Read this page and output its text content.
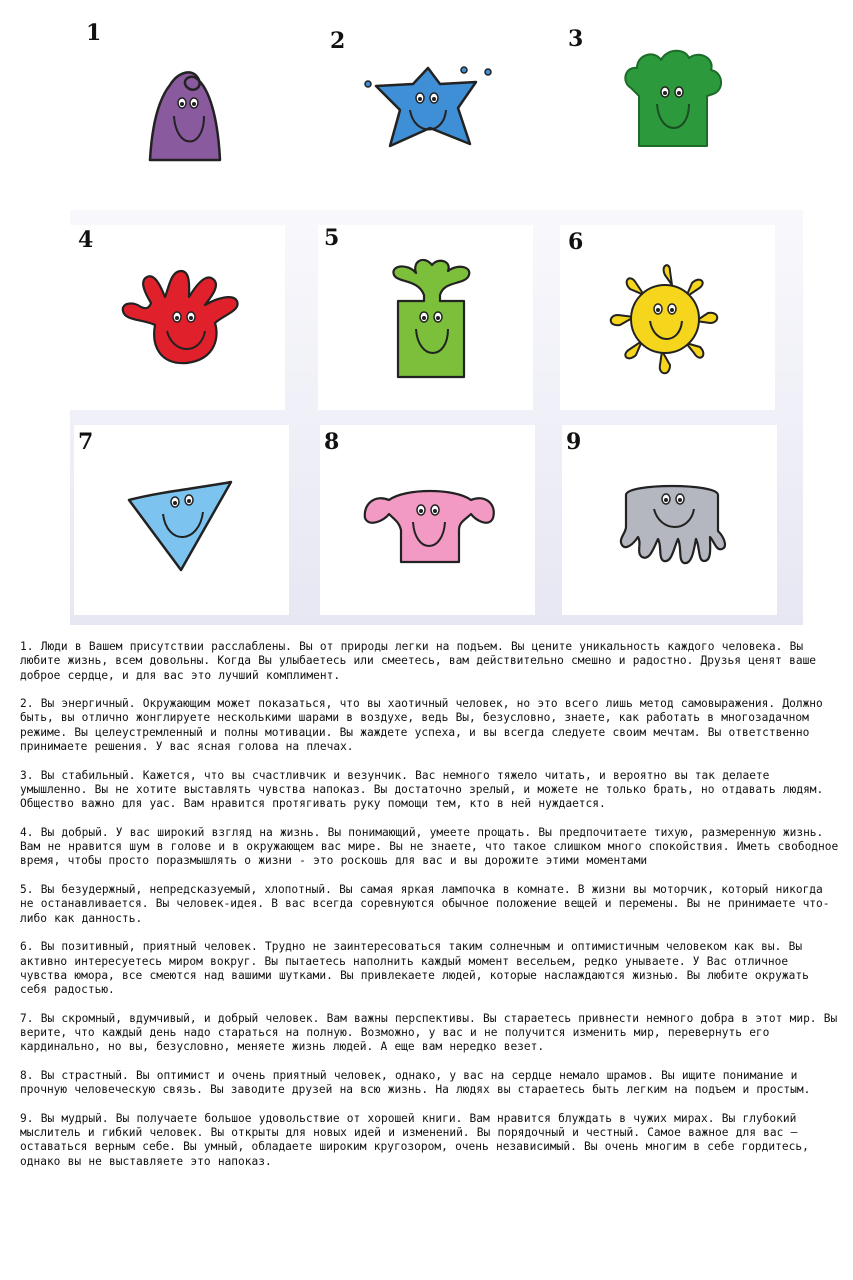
1	2	3
4	5	6
7	8	9

1. Люди в Вашем присутствии расслаблены. Вы от природы легки на подъем. Вы цените уникальность каждого человека. Вы любите жизнь, всем довольны. Когда Вы улыбаетесь или смеетесь, вам действительно смешно и радостно. Друзья ценят ваше доброе сердце, и для вас это лучший комплимент.

2. Вы энергичный. Окружающим может показаться, что вы хаотичный человек, но это всего лишь метод самовыражения. Должно быть, вы отлично жонглируете несколькими шарами в воздухе, ведь Вы, безусловно, знаете, как работать в многозадачном режиме. Вы целеустремленный и полны мотивации. Вы жаждете успеха, и вы всегда следуете своим мечтам. Вы ответственно принимаете решения. У вас ясная голова на плечах.

3. Вы стабильный. Кажется, что вы счастливчик и везунчик. Вас немного тяжело читать, и вероятно вы так делаете умышленно. Вы не хотите выставлять чувства напоказ. Вы достаточно зрелый, и можете не только брать, но отдавать людям. Общество важно для уас. Вам нравится протягивать руку помощи тем, кто в ней нуждается.

4. Вы добрый. У вас широкий взгляд на жизнь. Вы понимающий, умеете прощать. Вы предпочитаете тихую, размеренную жизнь. Вам не нравится шум в голове и в окружающем вас мире. Вы не знаете, что такое слишком много спокойствия. Иметь свободное время, чтобы просто поразмышлять о жизни - это роскошь для вас и вы дорожите этими моментами

5. Вы безудержный, непредсказуемый, хлопотный. Вы самая яркая лампочка в комнате. В жизни вы моторчик, который никогда не останавливается. Вы человек-идея. В вас всегда соревнуются обычное положение вещей и перемены. Вы не принимаете что-либо как данность.

6. Вы позитивный, приятный человек. Трудно не заинтересоваться таким солнечным и оптимистичным человеком как вы. Вы активно интересуетесь миром вокруг. Вы пытаетесь наполнить каждый момент весельем, редко унываете. У Вас отличное чувства юмора, все смеются над вашими шутками. Вы привлекаете людей, которые наслаждаются жизнью. Вы любите окружать себя радостью.

7. Вы скромный, вдумчивый, и добрый человек. Вам важны перспективы. Вы стараетесь привнести немного добра в этот мир. Вы верите, что каждый день надо стараться на полную. Возможно, у вас и не получится изменить мир, перевернуть его кардинально, но вы, безусловно, меняете жизнь людей. А еще вам нередко везет.

8. Вы страстный. Вы оптимист и очень приятный человек, однако, у вас на сердце немало шрамов. Вы ищите понимание и прочную человеческую связь. Вы заводите друзей на всю жизнь. На людях вы стараетесь быть легким на подъем и простым.

9. Вы мудрый. Вы получаете большое удовольствие от хорошей книги. Вам нравится блуждать в чужих мирах. Вы глубокий мыслитель и гибкий человек. Вы открыты для новых идей и изменений. Вы порядочный и честный. Самое важное для вас — оставаться верным себе. Вы умный, обладаете широким кругозором, очень независимый. Вы очень многим в себе гордитесь, однако вы не выставляете это напоказ.
